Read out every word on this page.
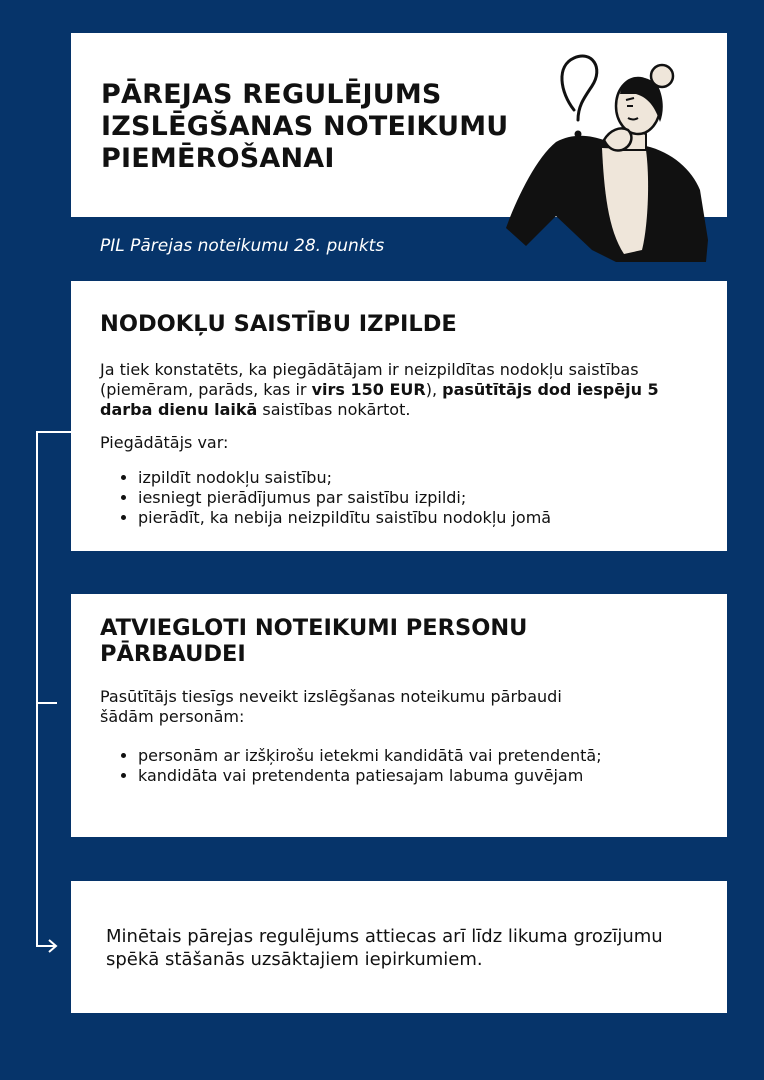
PĀREJAS REGULĒJUMS IZSLĒGŠANAS NOTEIKUMU PIEMĒROŠANAI
PIL Pārejas noteikumu 28. punkts
NODOKĻU SAISTĪBU IZPILDE
Ja tiek konstatēts, ka piegādātājam ir neizpildītas nodokļu saistības (piemēram, parāds, kas ir virs 150 EUR), pasūtītājs dod iespēju 5 darba dienu laikā saistības nokārtot.
Piegādātājs var:
• izpildīt nodokļu saistību;
• iesniegt pierādījumus par saistību izpildi;
• pierādīt, ka nebija neizpildītu saistību nodokļu jomā
ATVIEGLOTI NOTEIKUMI PERSONU PĀRBAUDEI
Pasūtītājs tiesīgs neveikt izslēgšanas noteikumu pārbaudi šādām personām:
• personām ar izšķirošu ietekmi kandidātā vai pretendentā;
• kandidāta vai pretendenta patiesajam labuma guvējam
Minētais pārejas regulējums attiecas arī līdz likuma grozījumu spēkā stāšanās uzsāktajiem iepirkumiem.
